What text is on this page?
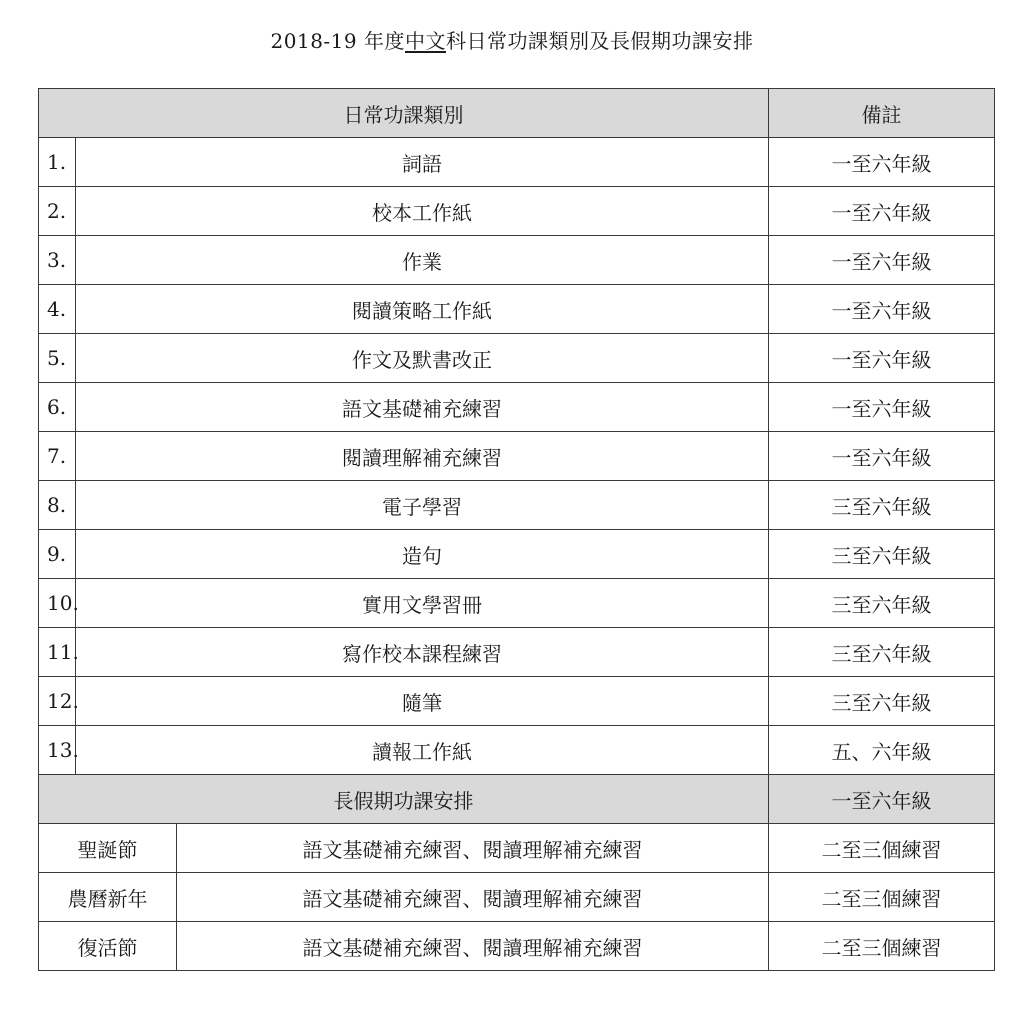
2018-19 年度中文科日常功課類別及長假期功課安排
日常功課類別			備註
1.	詞語		一至六年級
2.	校本工作紙		一至六年級
3.	作業		一至六年級
4.	閱讀策略工作紙		一至六年級
5.	作文及默書改正		一至六年級
6.	語文基礎補充練習		一至六年級
7.	閱讀理解補充練習		一至六年級
8.	電子學習		三至六年級
9.	造句		三至六年級
10.	實用文學習冊		三至六年級
11.	寫作校本課程練習		三至六年級
12.	隨筆		三至六年級
13.	讀報工作紙		五、六年級
長假期功課安排			一至六年級
聖誕節		語文基礎補充練習、閱讀理解補充練習	二至三個練習
農曆新年		語文基礎補充練習、閱讀理解補充練習	二至三個練習
復活節		語文基礎補充練習、閱讀理解補充練習	二至三個練習
